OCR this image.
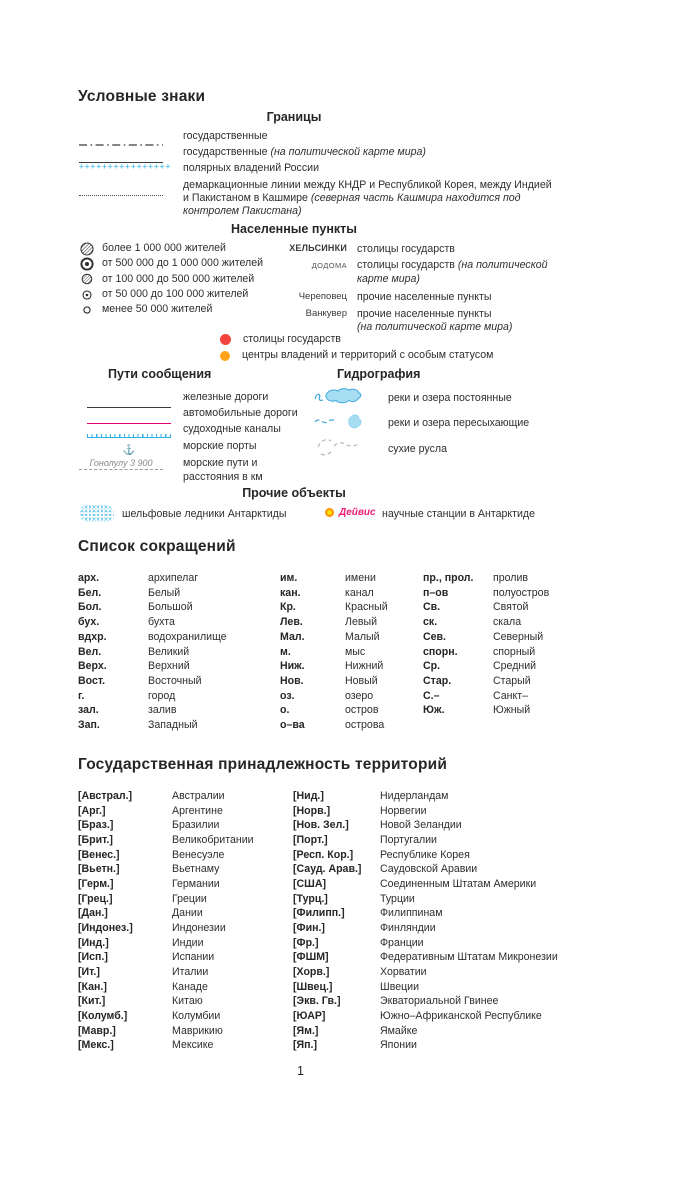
Условные знаки
Границы
государственные
государственные (на политической карте мира)
++++++++++++++++ полярных владений России
демаркационные линии между КНДР и Республикой Корея, между Индией и Пакистаном в Кашмире (северная часть Кашмира находится под контролем Пакистана)
Населенные пункты
более 1 000 000 жителей
от 500 000 до 1 000 000 жителей
от 100 000 до 500 000 жителей
от 50 000 до 100 000 жителей
менее 50 000 жителей
ХЕЛЬСИНКИ столицы государств
ДОДОМА столицы государств (на политической
карте мира)
Череповец прочие населенные пункты
Ванкувер прочие населенные пункты
(на политической карте мира)
столицы государств
центры владений и территорий с особым статусом
Пути сообщения
железные дороги
автомобильные дороги
судоходные каналы
⚓	морские порты
Гонолулу 3 900	морские пути и расстояния в км
Гидрография
реки и озера постоянные
реки и озера пересыхающие
сухие русла
Прочие объекты
шельфовые ледники Антарктиды	Дейвис научные станции в Антарктиде
Список сокращений
арх.	архипелаг
Бел.	Белый
Бол.	Большой
бух.	бухта
вдхр.	водохранилище
Вел.	Великий
Верх.	Верхний
Вост.	Восточный
г.	город
зал.	залив
Зап.	Западный
им.	имени
кан.	канал
Кр.	Красный
Лев.	Левый
Мал.	Малый
м.	мыс
Ниж.	Нижний
Нов.	Новый
оз.	озеро
о.	остров
о–ва	острова
пр., прол.	пролив
п–ов	полуостров
Св.	Святой
ск.	скала
Сев.	Северный
спорн.	спорный
Ср.	Средний
Стар.	Старый
С.–	Санкт–
Юж.	Южный
Государственная принадлежность территорий
[Австрал.]	Австралии
[Арг.]	Аргентине
[Браз.]	Бразилии
[Брит.]	Великобритании
[Венес.]	Венесуэле
[Вьетн.]	Вьетнаму
[Герм.]	Германии
[Грец.]	Греции
[Дан.]	Дании
[Индонез.]	Индонезии
[Инд.]	Индии
[Исп.]	Испании
[Ит.]	Италии
[Кан.]	Канаде
[Кит.]	Китаю
[Колумб.]	Колумбии
[Мавр.]	Маврикию
[Мекс.]	Мексике
[Нид.]	Нидерландам
[Норв.]	Норвегии
[Нов. Зел.]	Новой Зеландии
[Порт.]	Португалии
[Респ. Кор.]	Республике Корея
[Сауд. Арав.]	Саудовской Аравии
[США]	Соединенным Штатам Америки
[Турц.]	Турции
[Филипп.]	Филиппинам
[Фин.]	Финляндии
[Фр.]	Франции
[ФШМ]	Федеративным Штатам Микронезии
[Хорв.]	Хорватии
[Швец.]	Швеции
[Экв. Гв.]	Экваториальной Гвинее
[ЮАР]	Южно–Африканской Республике
[Ям.]	Ямайке
[Яп.]	Японии
1
